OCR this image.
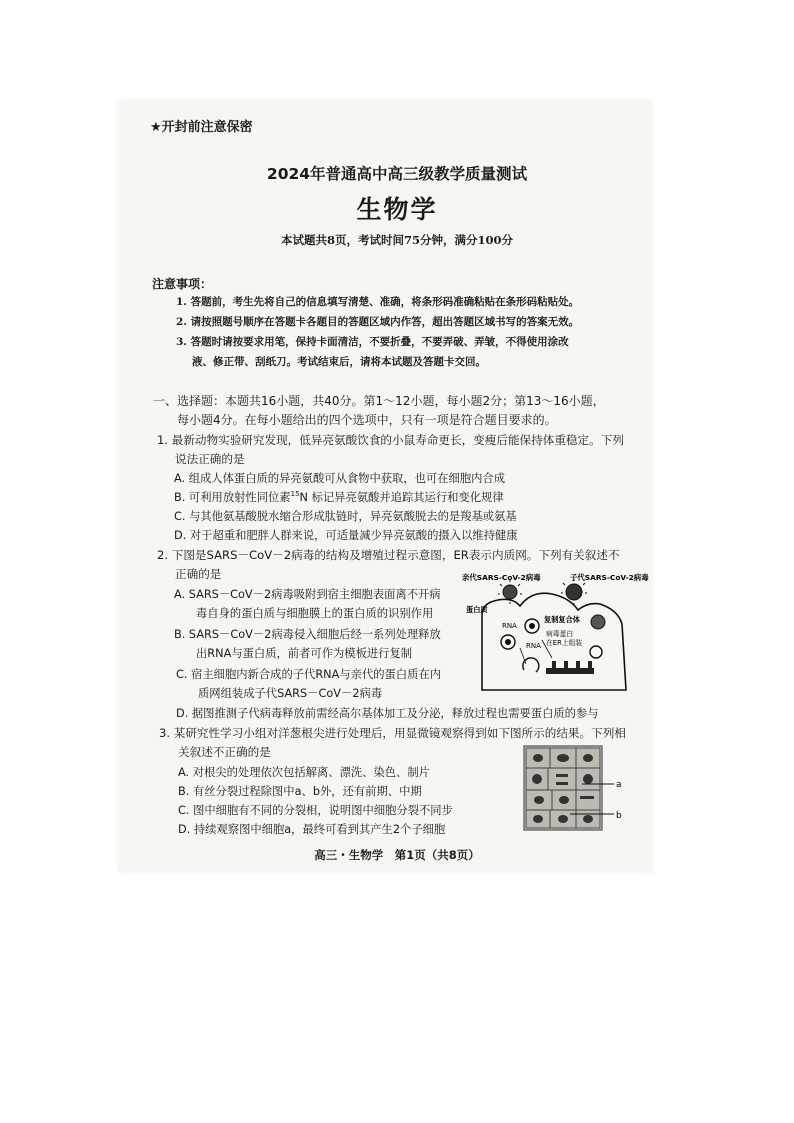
★开封前注意保密
2024年普通高中高三级教学质量测试
生物学
本试题共8页，考试时间75分钟，满分100分
注意事项：
1. 答题前，考生先将自己的信息填写清楚、准确，将条形码准确粘贴在条形码粘贴处。
2. 请按照题号顺序在答题卡各题目的答题区域内作答，超出答题区域书写的答案无效。
3. 答题时请按要求用笔，保持卡面清洁，不要折叠，不要弄破、弄皱，不得使用涂改
液、修正带、刮纸刀。考试结束后，请将本试题及答题卡交回。
一、选择题：本题共16小题，共40分。第1～12小题，每小题2分；第13～16小题，
每小题4分。在每小题给出的四个选项中，只有一项是符合题目要求的。
1. 最新动物实验研究发现，低异亮氨酸饮食的小鼠寿命更长，变瘦后能保持体重稳定。下列
说法正确的是
A. 组成人体蛋白质的异亮氨酸可从食物中获取，也可在细胞内合成
B. 可利用放射性同位素$^{15}$N 标记异亮氨酸并追踪其运行和变化规律
C. 与其他氨基酸脱水缩合形成肽链时，异亮氨酸脱去的是羧基或氨基
D. 对于超重和肥胖人群来说，可适量减少异亮氨酸的摄入以维持健康
2. 下图是SARS－CoV－2病毒的结构及增殖过程示意图，ER表示内质网。下列有关叙述不
正确的是
A. SARS－CoV－2病毒吸附到宿主细胞表面离不开病
毒自身的蛋白质与细胞膜上的蛋白质的识别作用
B. SARS－CoV－2病毒侵入细胞后经一系列处理释放
出RNA与蛋白质，前者可作为模板进行复制
C. 宿主细胞内新合成的子代RNA与亲代的蛋白质在内
质网组装成子代SARS－CoV－2病毒
D. 据图推测子代病毒释放前需经高尔基体加工及分泌，释放过程也需要蛋白质的参与
亲代SARS-CoV-2病毒	子代SARS-CoV-2病毒
蛋白质
RNA
复制复合体
病毒蛋白
在ER上组装
RNA
3. 某研究性学习小组对洋葱根尖进行处理后，用显微镜观察得到如下图所示的结果。下列相
关叙述不正确的是
A. 对根尖的处理依次包括解离、漂洗、染色、制片
B. 有丝分裂过程除图中a、b外，还有前期、中期
C. 图中细胞有不同的分裂相，说明图中细胞分裂不同步
D. 持续观察图中细胞a，最终可看到其产生2个子细胞
a
b
高三・生物学　第1页（共8页）
